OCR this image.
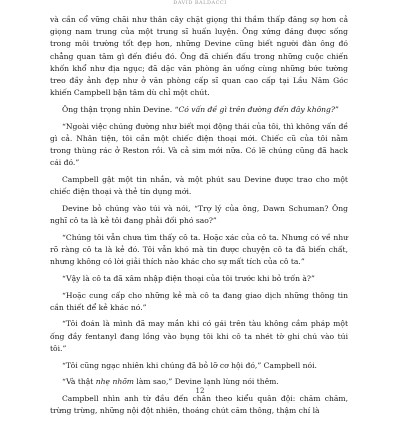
ĐAVID BALDACCI

và cần cổ vững chãi như thân cây chặt giọng thi thầm thấp đăng sợ hơn cả giọng nam trung của một trung sĩ huấn luyện. Ông xứng đáng được sống trong môi trường tốt đẹp hơn, những Devine cũng biết người đàn ông đó chẳng quan tâm gì đến điều đó. Ông đã chiến đấu trong những cuộc chiến khốn khổ như địa ngục; đã dặc văn phòng ăn uống cùng những bức tường treo đầy ảnh đẹp như ở văn phòng cấp sĩ quan cao cấp tại Lầu Năm Góc khiến Campbell bận tâm dù chỉ một chút.

Ông thận trọng nhìn Devine. “Có vấn đề gì trên đường đến đây không?”

“Ngoài việc chúng đường như biết mọi động thái của tôi, thì không vấn đề gì cả. Nhân tiện, tôi cần một chiếc điện thoại mới. Chiếc cũ của tôi nằm trong thùng rác ở Reston rồi. Và cả sim mới nữa. Có lẽ chúng cũng đã hack cái đó.”

Campbell gật một tin nhắn, và một phút sau Devine được trao cho một chiếc điện thoại và thẻ tín dụng mới.

Devine bỏ chúng vào túi và nói, “Trợ lý của ông, Dawn Schuman? Ông nghĩ cô ta là kẻ tôi đang phải đối phó sao?”

“Chúng tôi vẫn chưa tìm thấy cô ta. Hoặc xác của cô ta. Nhưng có về như rõ ràng cô ta là kẻ đó. Tôi vẫn khó mà tin được chuyện cô ta đã biến chất, nhưng không có lời giải thích nào khác cho sự mất tích của cô ta.”

“Vậy là cô ta đã xâm nhập điện thoại của tôi trước khi bỏ trốn à?”

“Hoặc cung cấp cho những kẻ mà cô ta đang giao dịch những thông tin cần thiết để kẻ khác nó.”

“Tôi đoán là mình đã may mắn khi có gái trên tàu không cầm pháp một ống đầy fentanyl đang lồng vào bụng tôi khi cô ta nhét tờ ghi chú vào túi tôi.”

“Tôi cũng ngạc nhiên khi chúng đã bỏ lỡ cơ hội đó,” Campbell nói.

“Và thật nhẹ nhõm làm sao,” Devine lạnh lùng nói thêm.

Campbell nhìn anh từ đầu đến chân theo kiểu quân đội: chăm chăm, trừng trừng, những nội đột nhiên, thoáng chút căm thông, thậm chí là

12
